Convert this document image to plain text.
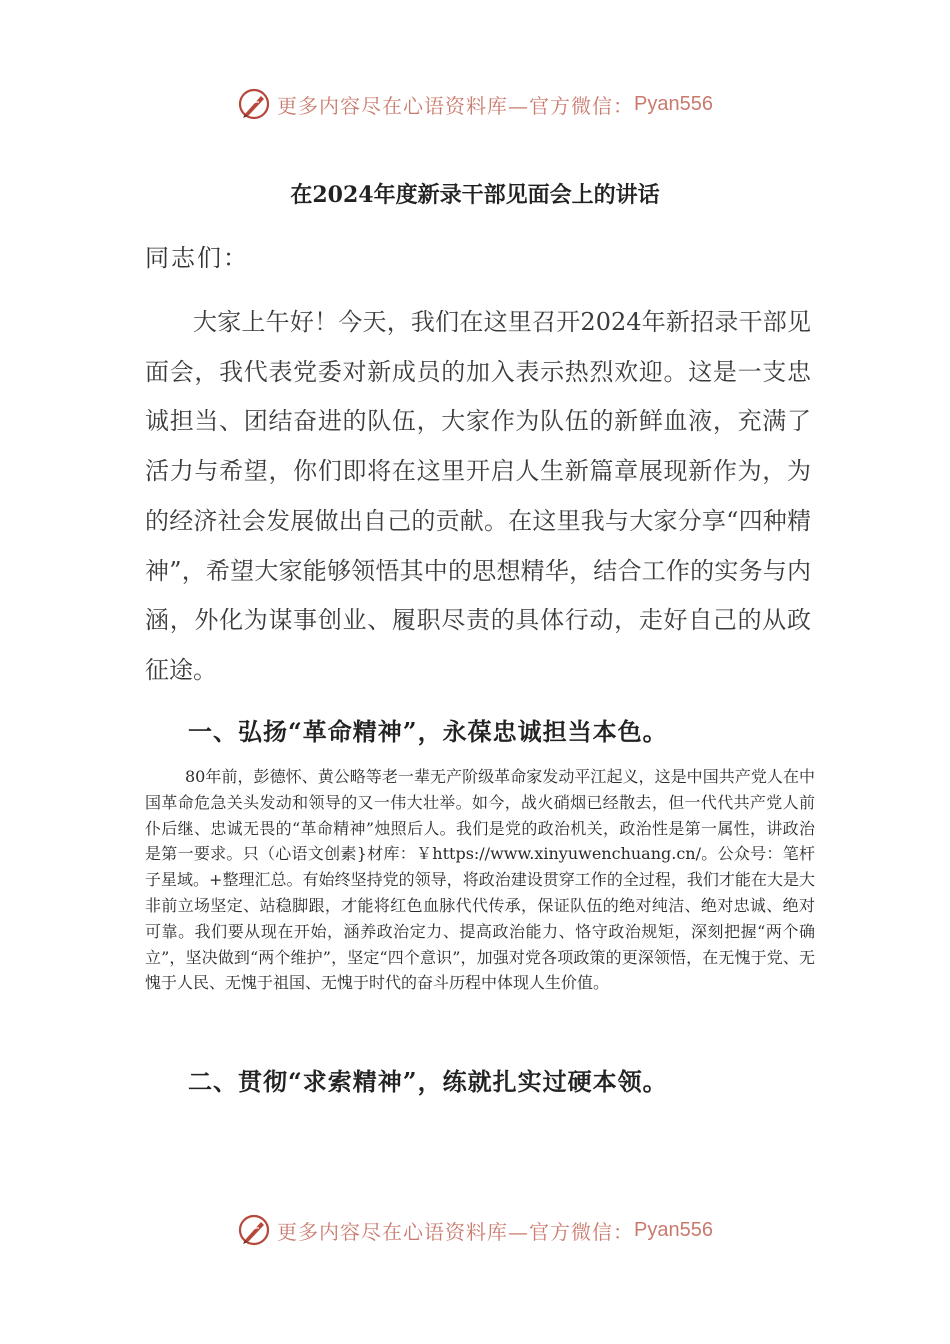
更多内容尽在心语资料库—官方微信： Pyan556
在2024年度新录干部见面会上的讲话
同志们：

大家上午好！今天，我们在这里召开2024年新招录干部见面会，我代表党委对新成员的加入表示热烈欢迎。这是一支忠诚担当、团结奋进的队伍，大家作为队伍的新鲜血液，充满了活力与希望，你们即将在这里开启人生新篇章展现新作为，为的经济社会发展做出自己的贡献。在这里我与大家分享“四种精神”，希望大家能够领悟其中的思想精华，结合工作的实务与内涵，外化为谋事创业、履职尽责的具体行动，走好自己的从政征途。

一、弘扬“革命精神”，永葆忠诚担当本色。

80年前，彭德怀、黄公略等老一辈无产阶级革命家发动平江起义，这是中国共产党人在中国革命危急关头发动和领导的又一伟大壮举。如今，战火硝烟已经散去，但一代代共产党人前仆后继、忠诚无畏的“革命精神”烛照后人。我们是党的政治机关，政治性是第一属性，讲政治是第一要求。只（心语文创素}材库：￥https://www.xinyuwenchuang.cn/。公众号：笔杆子星域。+整理汇总。有始终坚持党的领导，将政治建设贯穿工作的全过程，我们才能在大是大非前立场坚定、站稳脚跟，才能将红色血脉代代传承，保证队伍的绝对纯洁、绝对忠诚、绝对可靠。我们要从现在开始，涵养政治定力、提高政治能力、恪守政治规矩，深刻把握“两个确立”，坚决做到“两个维护”，坚定“四个意识”，加强对党各项政策的更深领悟，在无愧于党、无愧于人民、无愧于祖国、无愧于时代的奋斗历程中体现人生价值。

二、贯彻“求索精神”，练就扎实过硬本领。
更多内容尽在心语资料库—官方微信： Pyan556
